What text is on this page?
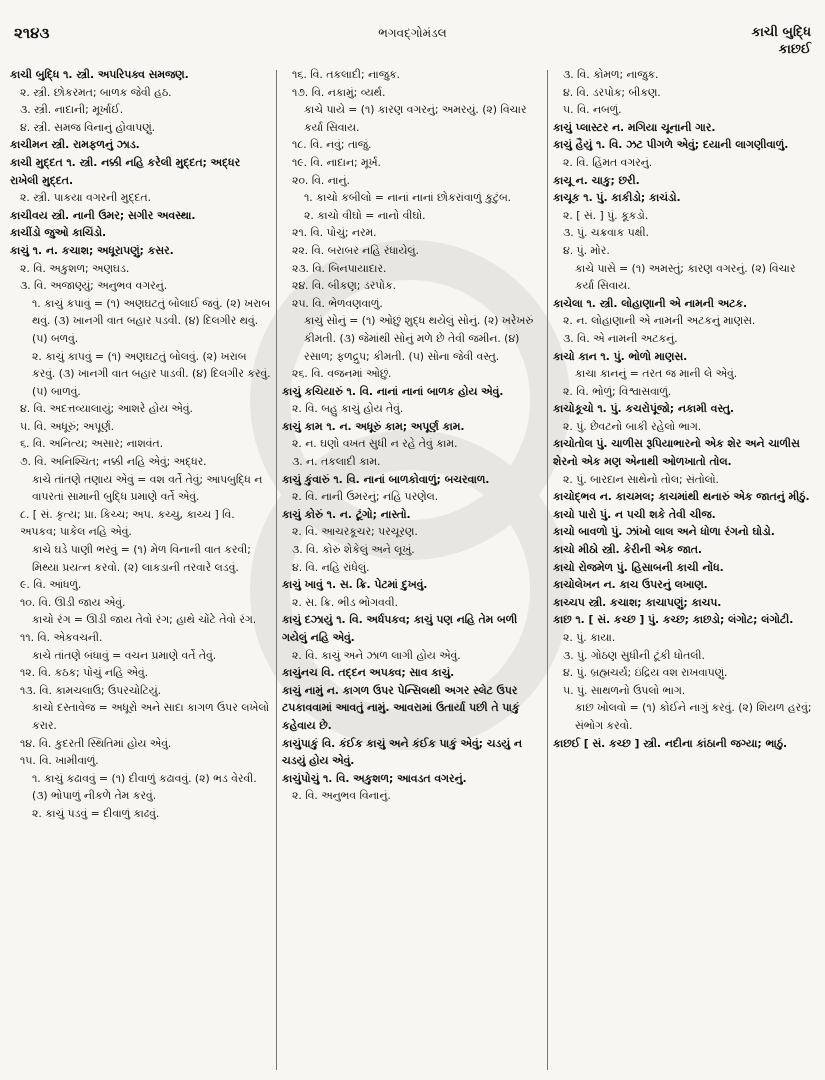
૨૧૪૩	ભગવદ્ગોમંડલ	કાચી બુદ્ધિ
કાછઈ
કાચી બુદ્ધિ ૧. સ્ત્રી. અપરિપક્વ સમજણ.
૨. સ્ત્રી. છોકરમત; બાળક જેવી હઠ.
૩. સ્ત્રી. નાદાની; મૂર્ખાઈ.
૪. સ્ત્રી. સમજ વિનાનું હોવાપણું.
કાચીમન સ્ત્રી. રામફળનું ઝાડ.
કાચી મુદ્દત ૧. સ્ત્રી. નક્કી નહિ કરેલી મુદ્દત; અદ્ધર રાખેલી મુદ્દત.
૨. સ્ત્રી. પાકયા વગરની મુદ્દત.
કાચીવય સ્ત્રી. નાની ઉમર; સગીર અવસ્થા.
કાચીંડો જુઓ કાચિંડો.
કાચું ૧. ન. કચાશ; અધૂરાપણું; કસર.
૨. વિ. અકુશળ; અણઘડ.
૩. વિ. અજાણ્યું; અનુભવ વગરનું.
૧. કાચું કપાવું = (૧) અણઘટતું બોલાઈ જવું. (૨) ખરાબ થવું. (૩) ખાનગી વાત બહાર પડવી. (૪) દિલગીર થવું. (૫) બળવું.
૨. કાચું કાપવું = (૧) અણઘટતું બોલવું. (૨) ખરાબ કરવું. (૩) ખાનગી વાત બહાર પાડવી. (૪) દિલગીર કરવું. (૫) બાળવું.
૪. વિ. અદત્તવ્યાલાયું; આશરે હોય એવું.
૫. વિ. અધૂરું; અપૂર્ણ.
૬. વિ. અનિત્ય; અસાર; નાશવંત.
૭. વિ. અનિશ્ચિત; નક્કી નહિ એવું; અદ્ધર.
કાચે તાંતણે તણાય એવું = વશ વર્તે તેવું; આપબુદ્ધિ ન વાપરતાં સામાની બુદ્ધિ પ્રમાણે વર્તે એવું.
૮. [ સં. કૃત્ય; પ્રા. કિચ્ચ; અપ. કચ્ચુ, કાચ્ચ ] વિ. અપકવ; પાકેલ નહિ એવું.
કાચે ઘડે પાણી ભરવું = (૧) મેળ વિનાની વાત કરવી; મિથ્યા પ્રયત્ન કરવો. (૨) લાકડાની તરવારે લડવું.
૯. વિ. આંધળું.
૧૦. વિ. ઊડી જાય એવું.
કાચો રંગ = ઊડી જાય તેવો રંગ; હાથે ચોંટે તેવો રંગ.
૧૧. વિ. એકવચની.
કાચે તાંતણે બંધાવું = વચન પ્રમાણે વર્તે તેવું.
૧૨. વિ. કઠક; પોચું નહિ એવું.
૧૩. વિ. કામચલાઉ; ઉપરચોટિયું.
કાચો દસ્તાવેજ = અધૂરો અને સાદા કાગળ ઉપર લખેલો કરાર.
૧૪. વિ. કુદરતી સ્થિતિમાં હોય એવું.
૧૫. વિ. ખામીવાળું.
૧. કાચું કઢાવવું = (૧) દીવાળું કઢાવવું. (૨) ભડ વેરવી. (૩) ભોપાળું નીકળે તેમ કરવું.
૨. કાચું પડવું = દીવાળું કાઢવું.
૧૬. વિ. તકલાદી; નાજુક.
૧૭. વિ. નકામું; વ્યર્થ.
કાચે પાયે = (૧) કારણ વગરનું; અમરયું. (૨) વિચાર કર્યા સિવાય.
૧૮. વિ. નવું; તાજું.
૧૯. વિ. નાદાન; મૂર્ખ.
૨૦. વિ. નાનું.
૧. કાચો કબીલો = નાનાં નાનાં છોકરાંવાળું કુટુંબ.
૨. કાચો વીઘો = નાનો વીઘો.
૨૧. વિ. પોચું; નરમ.
૨૨. વિ. બરાબર નહિ રંધાયેલું.
૨૩. વિ. બિનપાયાદાર.
૨૪. વિ. બીકણ; ડરપોક.
૨૫. વિ. ભેળવણવાળું.
કાચું સોનું = (૧) ઓછું શુદ્ધ થયેલું સોનું. (૨) ખરેખરું કીમતી. (૩) જેમાંથી સોનું મળે છે તેવી જમીન. (૪) રસાળ; ફળદ્રુપ; કીમતી. (૫) સોના જેવી વસ્તુ.
૨૬. વિ. વજનમાં ઓછું.
કાચું કચિયારું ૧. વિ. નાનાં નાનાં બાળક હોય એવું.
૨. વિ. બહુ કાચું હોય તેવું.
કાચું કામ ૧. ન. અધૂરું કામ; અપૂર્ણ કામ.
૨. ન. ઘણો વખત સુધી ન રહે તેવું કામ.
૩. ન. તકલાદી કામ.
કાચું કુંવારું ૧. વિ. નાનાં બાળકોવાળું; બચરવાળ.
૨. વિ. નાની ઉમરનું; નહિ પરણેલ.
કાચું કોરું ૧. ન. ટૂંગો; નાસ્તો.
૨. વિ. આચરકૂચર; પરચૂરણ.
૩. વિ. કોરું શેકેલું અને લૂખું.
૪. વિ. નહિ રાંધેલું.
કાચું ખાવું ૧. સ. ક્રિ. પેટમાં દુખવું.
૨. સ. ક્રિ. ભીડ ભોગવવી.
કાચું દઝાયું ૧. વિ. અર્ધપકવ; કાચું પણ નહિ તેમ બળી ગયેલું નહિ એવું.
૨. વિ. કાચું અને ઝાળ લાગી હોય એવું.
કાચુંનચ વિ. તદ્દન અપક્વ; સાવ કાચું.
કાચું નામું ન. કાગળ ઉપર પેન્સિલથી અગર સ્લેટ ઉપર ટપકાવવામાં આવતું નામું. આવરામાં ઉતાર્યા પછી તે પાકું કહેવાય છે.
કાચુંપાકું વિ. કંઈક કાચું અને કંઈક પાકું એવું; ચડયું ન ચડયું હોય એવું.
કાચુંપોચું ૧. વિ. અકુશળ; આવડત વગરનું.
૨. વિ. અનુભવ વિનાનું.
૩. વિ. કોમળ; નાજુક.
૪. વિ. ડરપોક; બીકણ.
૫. વિ. નબળું.
કાચું પ્લાસ્ટર ન. મગિયા ચૂનાની ગાર.
કાચું હૈયું ૧. વિ. ઝટ પીગળે એવું; દયાની લાગણીવાળું.
૨. વિ. હિંમત વગરનું.
કાચૂ ન. ચાકુ; છરી.
કાચૂક ૧. પું. કાકીડો; કાચંડો.
૨. [ સં. ] પું. કૂકડો.
૩. પું. ચક્રવાક પક્ષી.
૪. પું. મોર.
કાચે પાસે = (૧) અમસ્તું; કારણ વગરનું. (૨) વિચાર કર્યા સિવાય.
કાચેલા ૧. સ્ત્રી. લોહાણાની એ નામની અટક.
૨. ન. લોહાણાની એ નામની અટકનું માણસ.
૩. વિ. એ નામની અટકનું.
કાચો કાન ૧. પું. ભોળો માણસ.
કાચા કાનનું = તરત જ માની લે એવું.
૨. વિ. ભોળું; વિશ્વાસવાળું.
કાચોકૂચો ૧. પું. કચરોપૂંજો; નકામી વસ્તુ.
૨. પું. છેવટનો બાકી રહેલો ભાગ.
કાચોતોલ પું. ચાળીસ રૂપિયાભારનો એક શેર અને ચાળીસ શેરનો એક મણ એનાથી ઓળખાતો તોલ.
૨. પું. બારદાન સાથેનો તોલ; સંતોલો.
કાચોદ્ભવ ન. કાચમલ; કાચમાંથી થનારું એક જાતનું મીઠું.
કાચો પારો પું. ન પચી શકે તેવી ચીજ.
કાચો બાવળો પું. ઝાંખો લાલ અને ધોળા રંગનો ઘોડો.
કાચો મીઠો સ્ત્રી. કેરીની એક જાત.
કાચો રોજમેળ પું. હિસાબની કાચી નોંધ.
કાચોલેખન ન. કાચ ઉપરનું લખાણ.
કાચ્ચપ સ્ત્રી. કચાશ; કાચાપણું; કાચપ.
કાછ ૧. [ સં. કચ્છ ] પું. કચ્છ; કાછડો; લંગોટ; લંગોટી.
૨. પું. કાયા.
૩. પું. ગોઠણ સુધીની ટૂંકી ધોતલી.
૪. પું. બ્રહ્મચર્ય; ઇંદ્રિય વશ રાખવાપણું.
૫. પું. સાથળનો ઉપલો ભાગ.
કાછ ખોલવો = (૧) કોઈને નાગું કરવું. (૨) શિયળ હરવું; સંભોગ કરવો.
કાછઈ [ સં. કચ્છ ] સ્ત્રી. નદીના કાંઠાની જગ્યા; ભાઠું.
